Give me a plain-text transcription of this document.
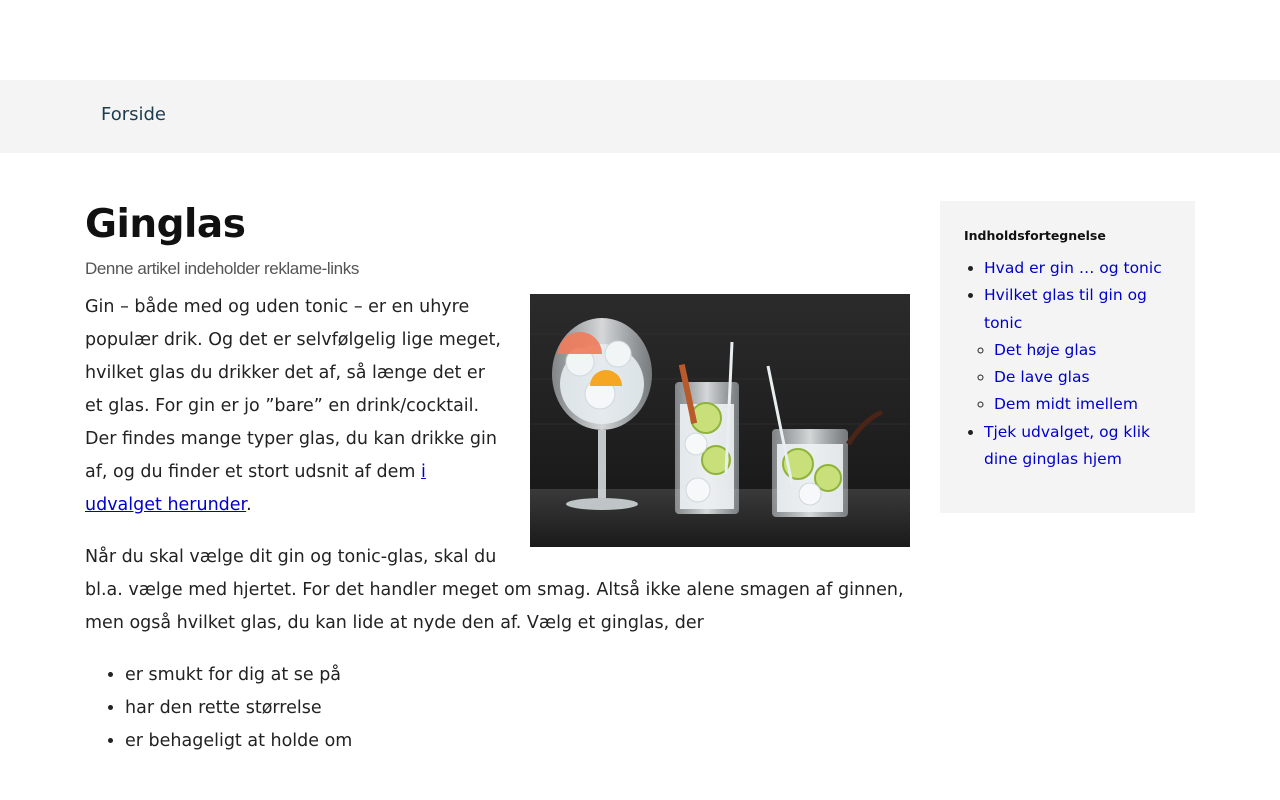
Forside
Ginglas
Denne artikel indeholder reklame-links

Gin – både med og uden tonic – er en uhyre populær drik. Og det er selvfølgelig lige meget, hvilket glas du drikker det af, så længe det er et glas. For gin er jo ”bare” en drink/cocktail. Der findes mange typer glas, du kan drikke gin af, og du finder et stort udsnit af dem i udvalget herunder.

Når du skal vælge dit gin og tonic-glas, skal du bl.a. vælge med hjertet. For det handler meget om smag. Altså ikke alene smagen af ginnen, men også hvilket glas, du kan lide at nyde den af. Vælg et ginglas, der

• er smukt for dig at se på
• har den rette størrelse
• er behageligt at holde om
Indholdsfortegnelse
• Hvad er gin … og tonic
• Hvilket glas til gin og tonic
◦ Det høje glas
◦ De lave glas
◦ Dem midt imellem
• Tjek udvalget, og klik dine ginglas hjem
